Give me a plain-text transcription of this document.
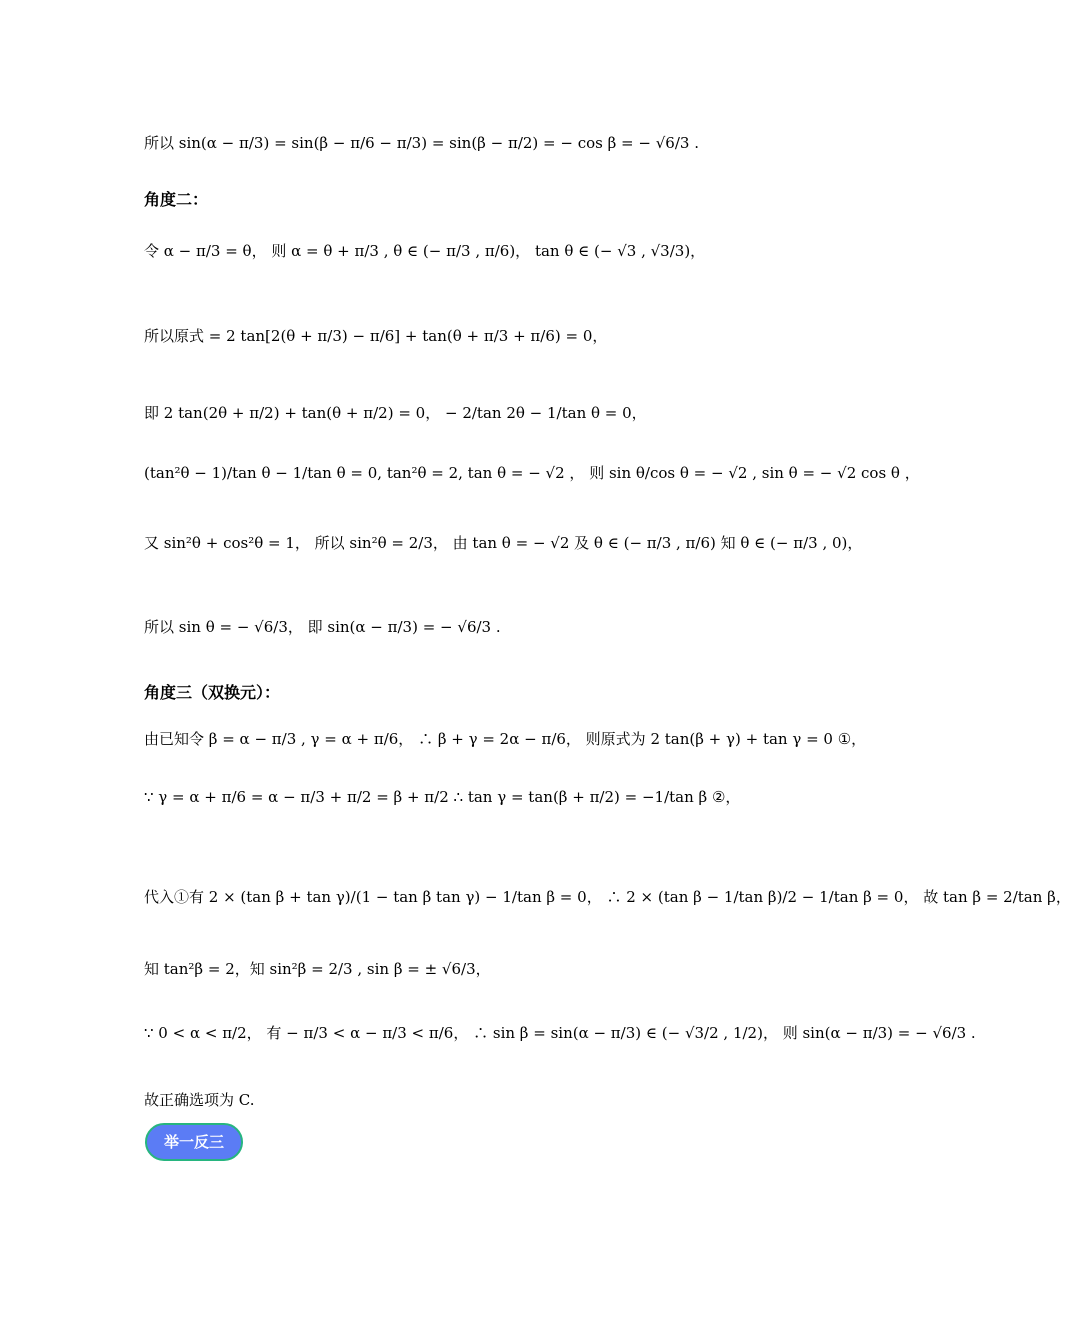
所以 sin(α − π/3) = sin(β − π/6 − π/3) = sin(β − π/2) = − cos β = − √6/3 .
角度二：
令 α − π/3 = θ， 则 α = θ + π/3 , θ ∈ (− π/3 , π/6)， tan θ ∈ (− √3 , √3/3)，
所以原式 = 2 tan[2(θ + π/3) − π/6] + tan(θ + π/3 + π/6) = 0，
即 2 tan(2θ + π/2) + tan(θ + π/2) = 0， − 2/tan 2θ − 1/tan θ = 0，
(tan²θ − 1)/tan θ − 1/tan θ = 0, tan²θ = 2, tan θ = − √2 ， 则 sin θ/cos θ = − √2 , sin θ = − √2 cos θ ，
又 sin²θ + cos²θ = 1， 所以 sin²θ = 2/3， 由 tan θ = − √2 及 θ ∈ (− π/3 , π/6) 知 θ ∈ (− π/3 , 0)，
所以 sin θ = − √6/3， 即 sin(α − π/3) = − √6/3 .
角度三（双换元）：
由已知令 β = α − π/3 , γ = α + π/6， ∴ β + γ = 2α − π/6， 则原式为 2 tan(β + γ) + tan γ = 0 ①，
∵ γ = α + π/6 = α − π/3 + π/2 = β + π/2 ∴ tan γ = tan(β + π/2) = −1/tan β ②，
代入①有 2 × (tan β + tan γ)/(1 − tan β tan γ) − 1/tan β = 0， ∴ 2 × (tan β − 1/tan β)/2 − 1/tan β = 0， 故 tan β = 2/tan β，
知 tan²β = 2，知 sin²β = 2/3 , sin β = ± √6/3，
∵ 0 < α < π/2， 有 − π/3 < α − π/3 < π/6， ∴ sin β = sin(α − π/3) ∈ (− √3/2 , 1/2)， 则 sin(α − π/3) = − √6/3 .
故正确选项为 C.
举一反三
